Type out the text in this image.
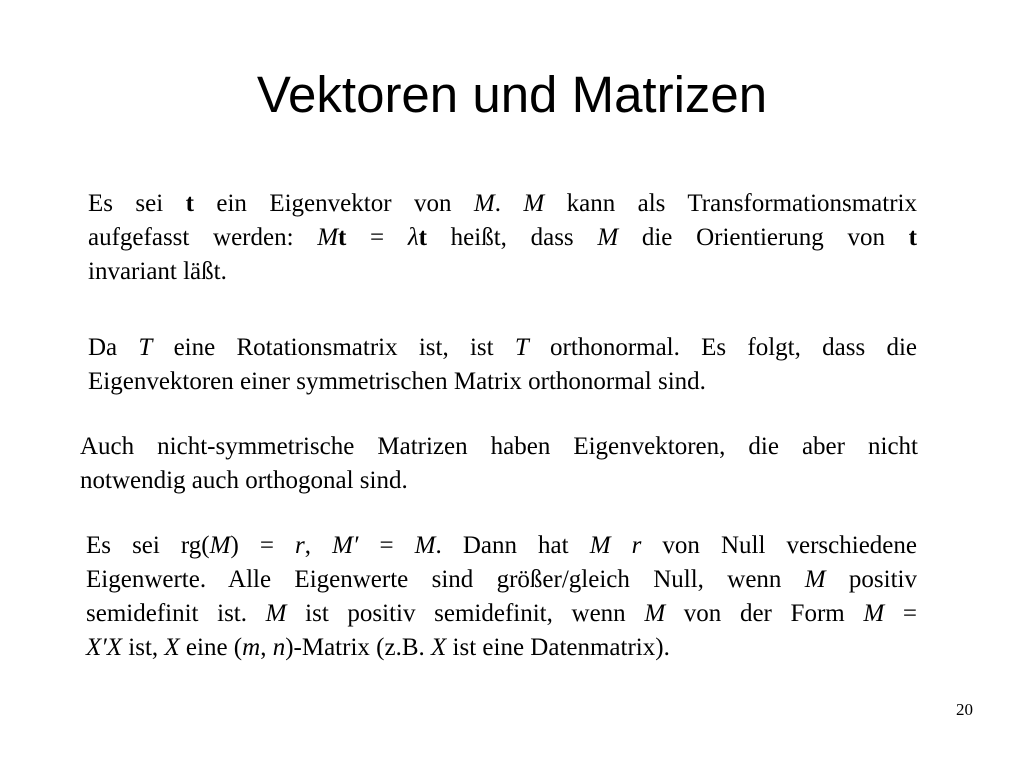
Vektoren und Matrizen
Es sei t ein Eigenvektor von M. M kann als Transformationsmatrix
aufgefasst werden: Mt = λt heißt, dass M die Orientierung von t
invariant läßt.
Da T eine Rotationsmatrix ist, ist T orthonormal. Es folgt, dass die
Eigenvektoren einer symmetrischen Matrix orthonormal sind.
Auch nicht-symmetrische Matrizen haben Eigenvektoren, die aber nicht
notwendig auch orthogonal sind.
Es sei rg(M) = r, M′ = M. Dann hat M r von Null verschiedene
Eigenwerte. Alle Eigenwerte sind größer/gleich Null, wenn M positiv
semidefinit ist. M ist positiv semidefinit, wenn M von der Form M =
X′X ist, X eine (m, n)-Matrix (z.B. X ist eine Datenmatrix).
20
